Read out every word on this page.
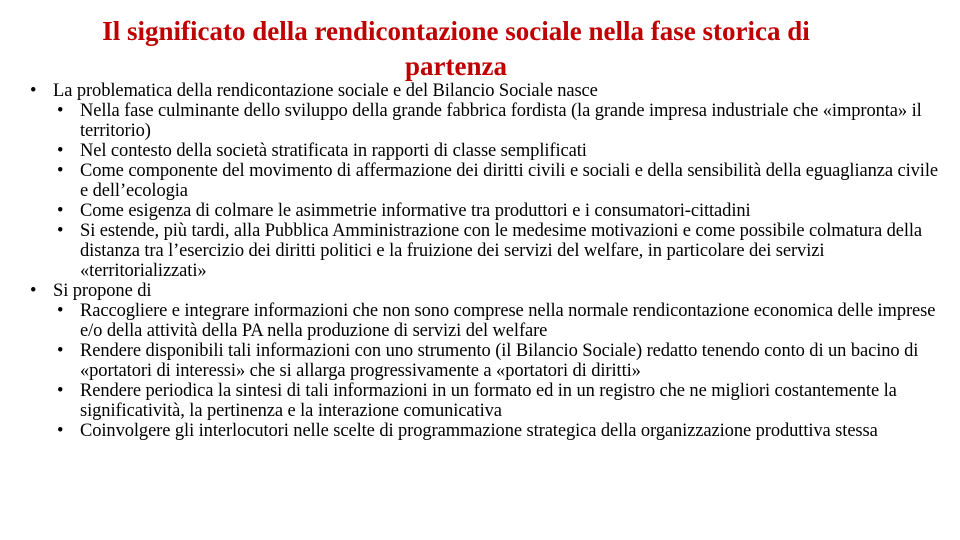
Il significato della rendicontazione sociale nella fase storica di
partenza
• La problematica della rendicontazione sociale e del Bilancio Sociale nasce
• Nella fase culminante dello sviluppo della grande fabbrica fordista (la grande impresa industriale che «impronta» il territorio)
• Nel contesto della società stratificata in rapporti di classe semplificati
• Come componente del movimento di affermazione dei diritti civili e sociali e della sensibilità della eguaglianza civile e dell’ecologia
• Come esigenza di colmare le asimmetrie informative tra produttori e i consumatori-cittadini
• Si estende, più tardi, alla Pubblica Amministrazione con le medesime motivazioni e come possibile colmatura della distanza tra l’esercizio dei diritti politici e la fruizione dei servizi del welfare, in particolare dei servizi «territorializzati»
• Si propone di
• Raccogliere e integrare informazioni che non sono comprese nella normale rendicontazione economica delle imprese e/o della attività della PA nella produzione di servizi del welfare
• Rendere disponibili tali informazioni con uno strumento (il Bilancio Sociale) redatto tenendo conto di un bacino di «portatori di interessi» che si allarga progressivamente a «portatori di diritti»
• Rendere periodica la sintesi di tali informazioni in un formato ed in un registro che ne migliori costantemente la significatività, la pertinenza e la interazione comunicativa
• Coinvolgere gli interlocutori nelle scelte di programmazione strategica della organizzazione produttiva stessa
